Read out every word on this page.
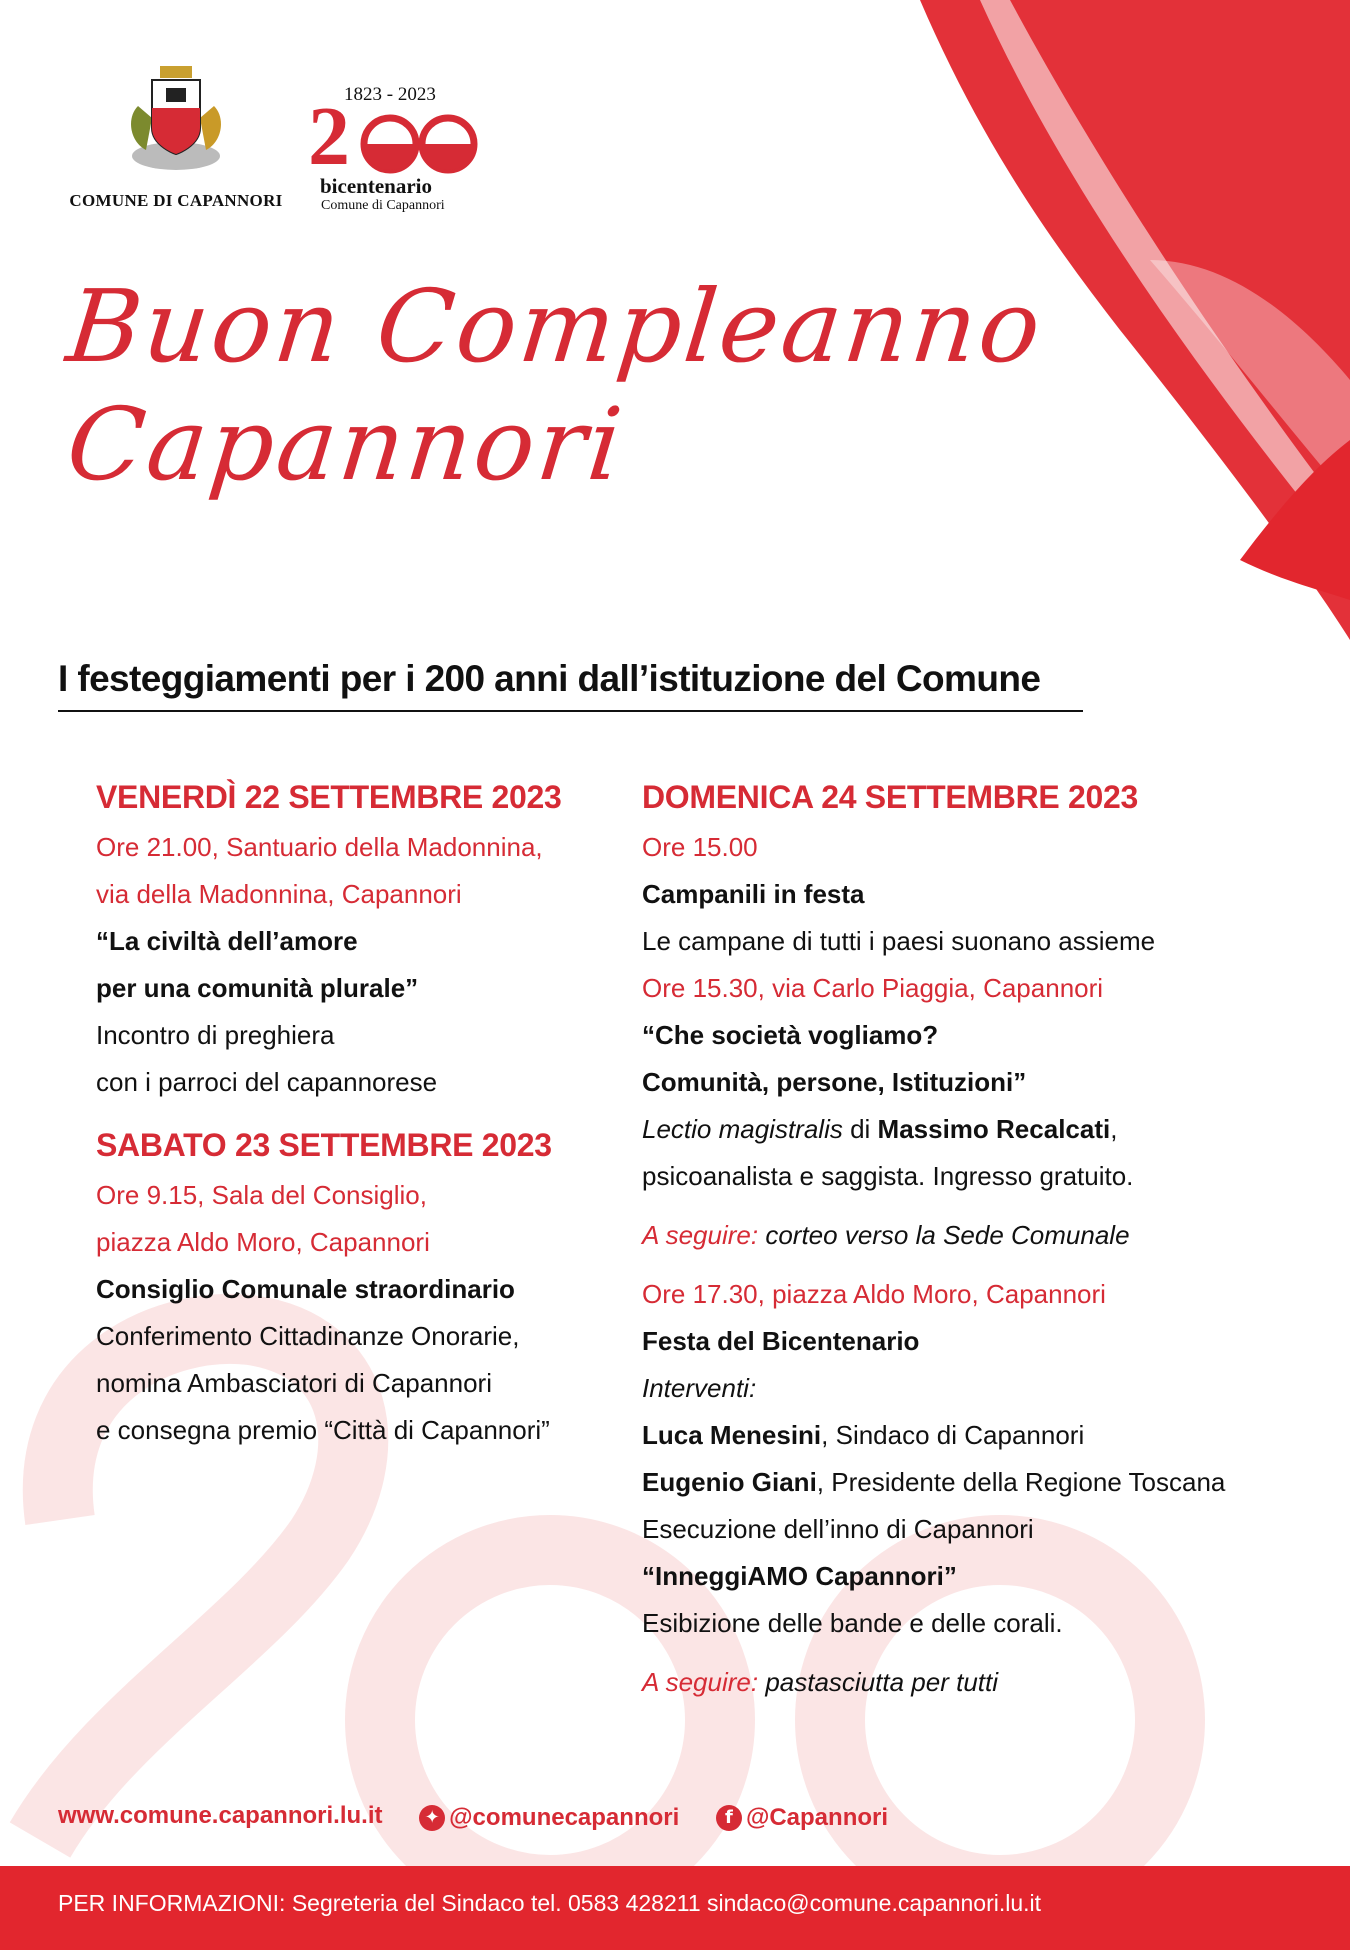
COMUNE DI CAPANNORI
1823 - 2023
2
bicentenario
Comune di Capannori
Buon Compleanno
Capannori
I festeggiamenti per i 200 anni dall’istituzione del Comune
VENERDÌ 22 SETTEMBRE 2023
Ore 21.00, Santuario della Madonnina,
via della Madonnina, Capannori
“La civiltà dell’amore
per una comunità plurale”
Incontro di preghiera
con i parroci del capannorese
SABATO 23 SETTEMBRE 2023
Ore 9.15, Sala del Consiglio,
piazza Aldo Moro, Capannori
Consiglio Comunale straordinario
Conferimento Cittadinanze Onorarie,
nomina Ambasciatori di Capannori
e consegna premio “Città di Capannori”
DOMENICA 24 SETTEMBRE 2023
Ore 15.00
Campanili in festa
Le campane di tutti i paesi suonano assieme
Ore 15.30, via Carlo Piaggia, Capannori
“Che società vogliamo?
Comunità, persone, Istituzioni”
Lectio magistralis di Massimo Recalcati,
psicoanalista e saggista. Ingresso gratuito.
A seguire: corteo verso la Sede Comunale
Ore 17.30, piazza Aldo Moro, Capannori
Festa del Bicentenario
Interventi:
Luca Menesini, Sindaco di Capannori
Eugenio Giani, Presidente della Regione Toscana
Esecuzione dell’inno di Capannori
“InneggiAMO Capannori”
Esibizione delle bande e delle corali.
A seguire: pastasciutta per tutti
www.comune.capannori.lu.it
	✦ @comunecapannori
	f @Capannori
PER INFORMAZIONI: Segreteria del Sindaco tel. 0583 428211 sindaco@comune.capannori.lu.it
